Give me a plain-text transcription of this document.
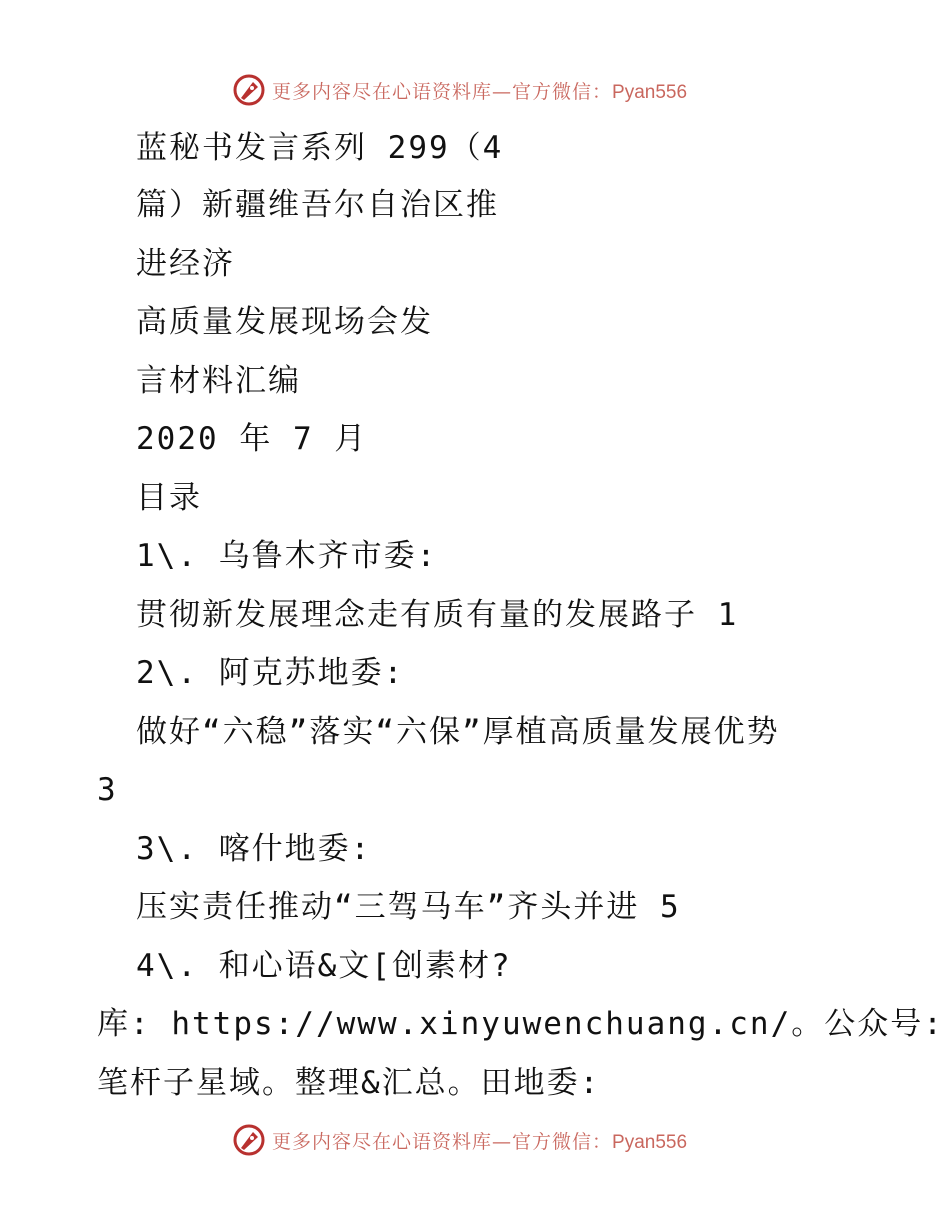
更多内容尽在心语资料库—官方微信：Pyan556
蓝秘书发言系列 299（4
篇）新疆维吾尔自治区推
进经济
高质量发展现场会发
言材料汇编
2020 年 7 月
目录
1\. 乌鲁木齐市委:
贯彻新发展理念走有质有量的发展路子 1
2\. 阿克苏地委:
做好“六稳”落实“六保”厚植高质量发展优势
3
3\. 喀什地委:
压实责任推动“三驾马车”齐头并进 5
4\. 和心语&文[创素材?
库: https://www.xinyuwenchuang.cn/。公众号:
笔杆子星域。整理&汇总。田地委:
更多内容尽在心语资料库—官方微信：Pyan556
